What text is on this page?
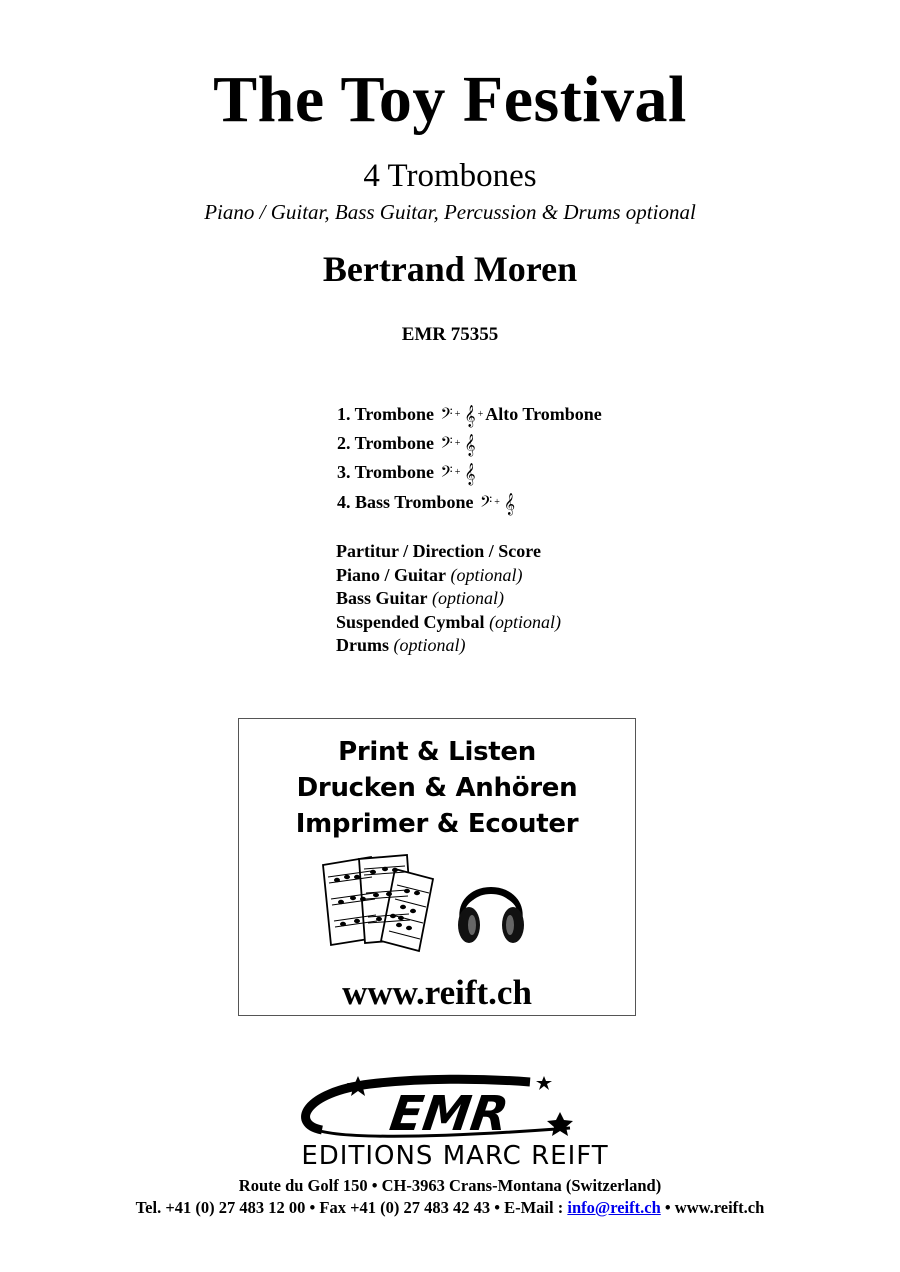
The Toy Festival
4 Trombones
Piano / Guitar, Bass Guitar, Percussion & Drums optional
Bertrand Moren
EMR 75355
1. Trombone 𝄢 + 𝄞 + Alto Trombone
2. Trombone 𝄢 + 𝄞
3. Trombone 𝄢 + 𝄞
4. Bass Trombone 𝄢 + 𝄞
Partitur / Direction / Score
Piano / Guitar (optional)
Bass Guitar (optional)
Suspended Cymbal (optional)
Drums (optional)
Print & Listen
Drucken & Anhören
Imprimer & Ecouter
www.reift.ch
EMR
EDITIONS MARC REIFT
Route du Golf 150 • CH-3963 Crans-Montana (Switzerland)
Tel. +41 (0) 27 483 12 00 • Fax +41 (0) 27 483 42 43 • E-Mail : info@reift.ch • www.reift.ch
